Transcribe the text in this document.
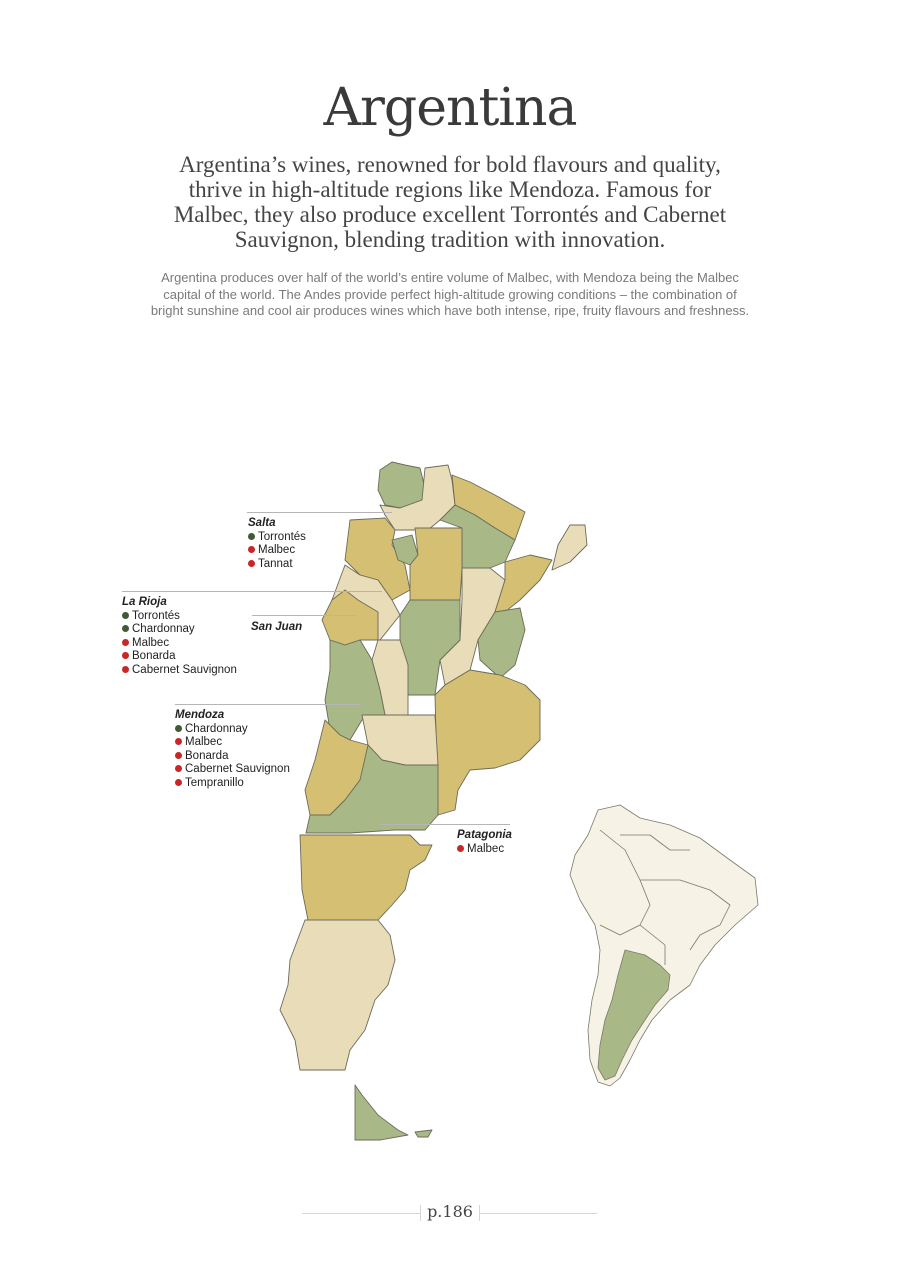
Argentina
Argentina’s wines, renowned for bold flavours and quality, thrive in high-altitude regions like Mendoza. Famous for Malbec, they also produce excellent Torrontés and Cabernet Sauvignon, blending tradition with innovation.
Argentina produces over half of the world’s entire volume of Malbec, with Mendoza being the Malbec capital of the world. The Andes provide perfect high-altitude growing conditions – the combination of bright sunshine and cool air produces wines which have both intense, ripe, fruity flavours and freshness.
Salta
Torrontés
Malbec
Tannat
La Rioja
Torrontés
Chardonnay
Malbec
Bonarda
Cabernet Sauvignon
San Juan
Mendoza
Chardonnay
Malbec
Bonarda
Cabernet Sauvignon
Tempranillo
Patagonia
Malbec
p.186
